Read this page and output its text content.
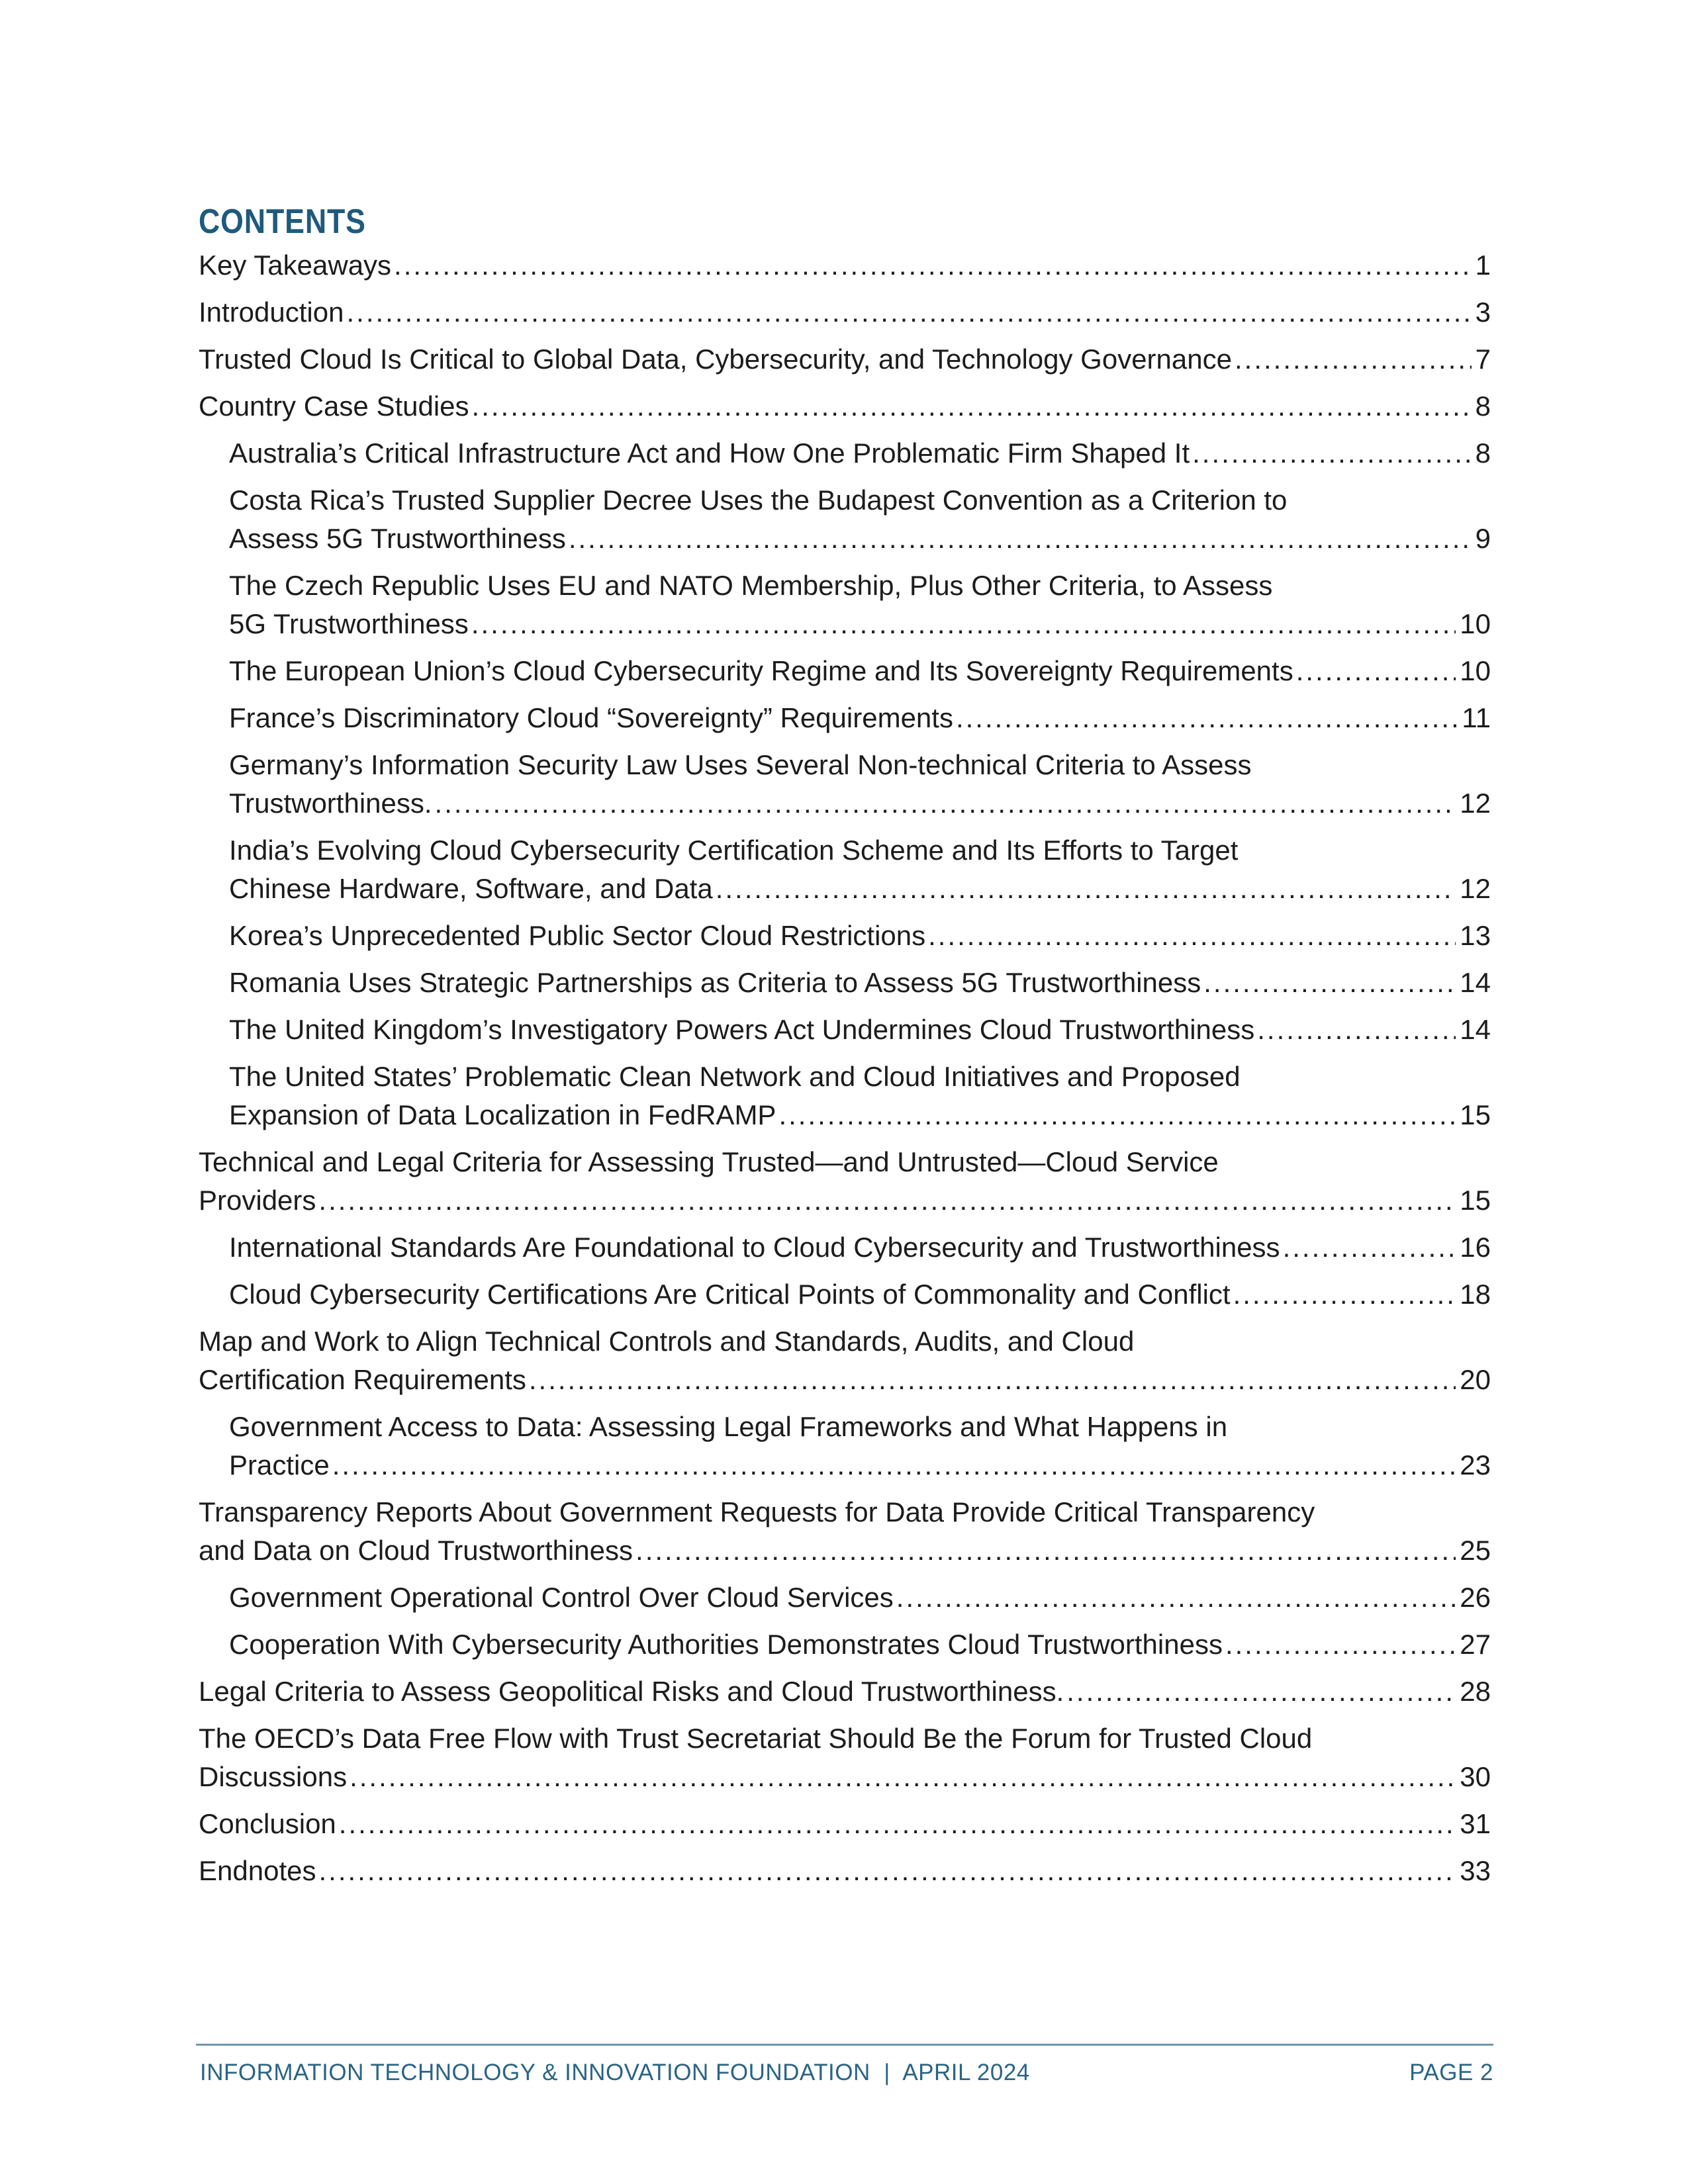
CONTENTS
Key Takeaways .....	1
Introduction .....	3
Trusted Cloud Is Critical to Global Data, Cybersecurity, and Technology Governance .....	7
Country Case Studies .....	8
Australia’s Critical Infrastructure Act and How One Problematic Firm Shaped It .....	8
Costa Rica’s Trusted Supplier Decree Uses the Budapest Convention as a Criterion to
Assess 5G Trustworthiness .....	9
The Czech Republic Uses EU and NATO Membership, Plus Other Criteria, to Assess
5G Trustworthiness .....	10
The European Union’s Cloud Cybersecurity Regime and Its Sovereignty Requirements .....	10
France’s Discriminatory Cloud “Sovereignty” Requirements .....	11
Germany’s Information Security Law Uses Several Non-technical Criteria to Assess
Trustworthiness. .....	12
India’s Evolving Cloud Cybersecurity Certification Scheme and Its Efforts to Target
Chinese Hardware, Software, and Data .....	12
Korea’s Unprecedented Public Sector Cloud Restrictions .....	13
Romania Uses Strategic Partnerships as Criteria to Assess 5G Trustworthiness .....	14
The United Kingdom’s Investigatory Powers Act Undermines Cloud Trustworthiness .....	14
The United States’ Problematic Clean Network and Cloud Initiatives and Proposed
Expansion of Data Localization in FedRAMP .....	15
Technical and Legal Criteria for Assessing Trusted—and Untrusted—Cloud Service
Providers .....	15
International Standards Are Foundational to Cloud Cybersecurity and Trustworthiness .....	16
Cloud Cybersecurity Certifications Are Critical Points of Commonality and Conflict .....	18
Map and Work to Align Technical Controls and Standards, Audits, and Cloud
Certification Requirements .....	20
Government Access to Data: Assessing Legal Frameworks and What Happens in
Practice .....	23
Transparency Reports About Government Requests for Data Provide Critical Transparency
and Data on Cloud Trustworthiness .....	25
Government Operational Control Over Cloud Services .....	26
Cooperation With Cybersecurity Authorities Demonstrates Cloud Trustworthiness .....	27
Legal Criteria to Assess Geopolitical Risks and Cloud Trustworthiness. .....	28
The OECD’s Data Free Flow with Trust Secretariat Should Be the Forum for Trusted Cloud
Discussions .....	30
Conclusion .....	31
Endnotes .....	33
INFORMATION TECHNOLOGY & INNOVATION FOUNDATION  |  APRIL 2024	PAGE 2
